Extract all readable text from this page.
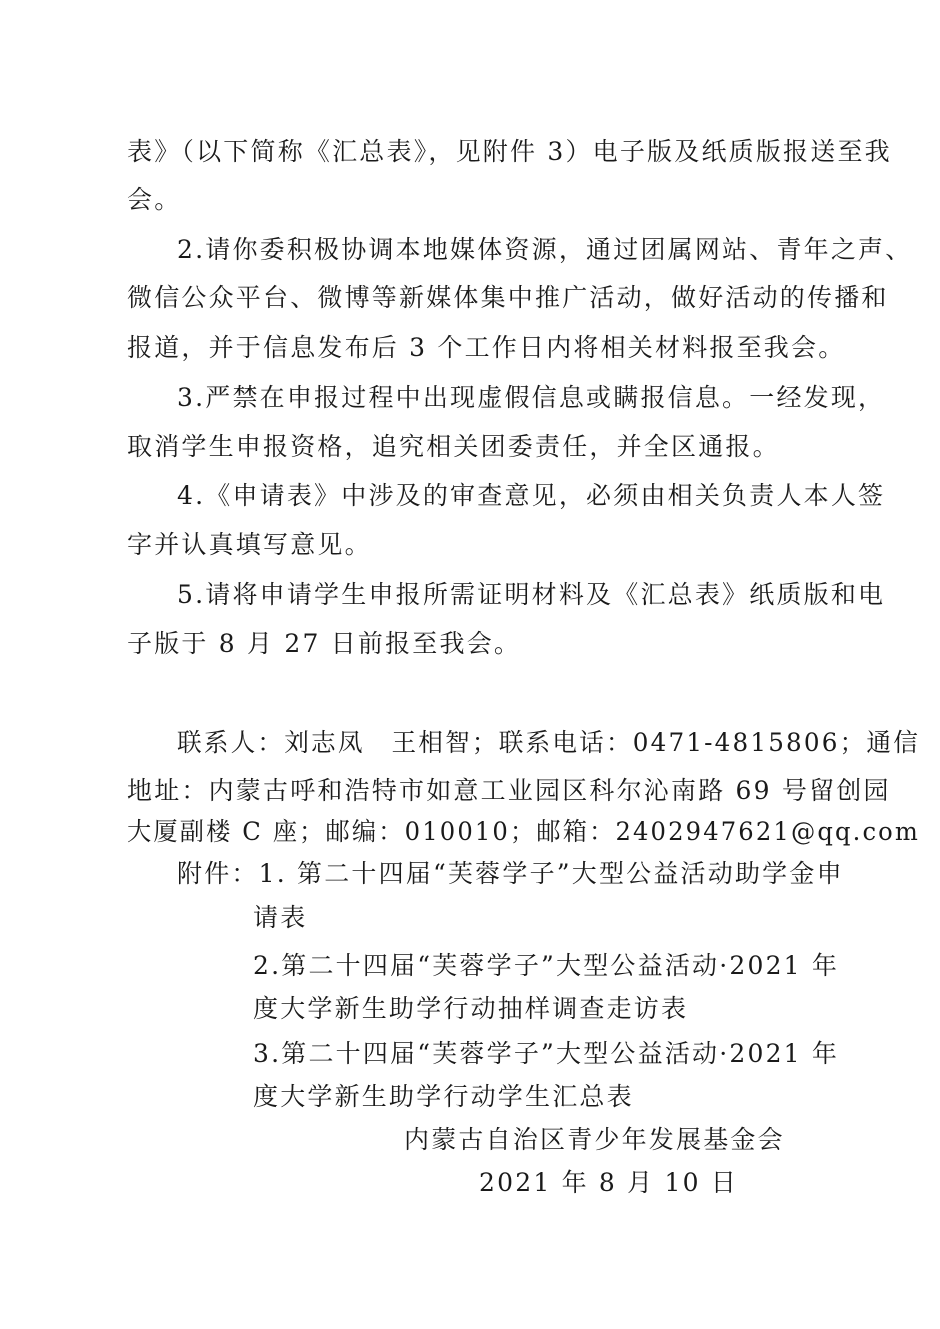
表》（以下简称《汇总表》，见附件 3）电子版及纸质版报送至我
会。
2.请你委积极协调本地媒体资源，通过团属网站、青年之声、
微信公众平台、微博等新媒体集中推广活动，做好活动的传播和
报道，并于信息发布后 3 个工作日内将相关材料报至我会。
3.严禁在申报过程中出现虚假信息或瞒报信息。一经发现，
取消学生申报资格，追究相关团委责任，并全区通报。
4.《申请表》中涉及的审查意见，必须由相关负责人本人签
字并认真填写意见。
5.请将申请学生申报所需证明材料及《汇总表》纸质版和电
子版于 8 月 27 日前报至我会。
联系人：刘志凤　王相智；联系电话：0471-4815806；通信
地址：内蒙古呼和浩特市如意工业园区科尔沁南路 69 号留创园
大厦副楼 C 座；邮编：010010；邮箱：2402947621@qq.com
附件：1. 第二十四届“芙蓉学子”大型公益活动助学金申
请表
2.第二十四届“芙蓉学子”大型公益活动·2021 年
度大学新生助学行动抽样调查走访表
3.第二十四届“芙蓉学子”大型公益活动·2021 年
度大学新生助学行动学生汇总表
内蒙古自治区青少年发展基金会
2021 年 8 月 10 日
